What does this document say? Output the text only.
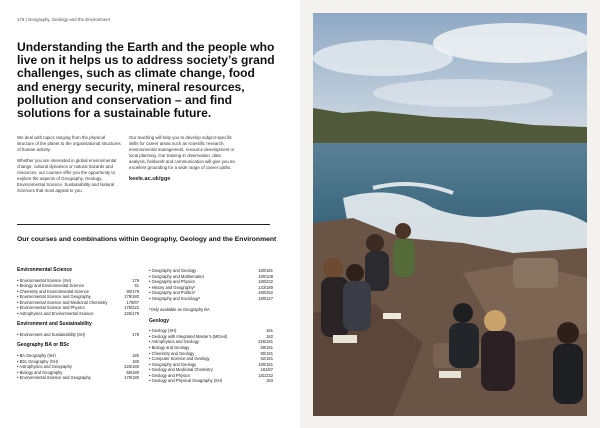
176 | Geography, Geology and the Environment
Understanding the Earth and the people who live on it helps us to address society’s grand challenges, such as climate change, food and energy security, mineral resources, pollution and conservation – and find solutions for a sustainable future.

We deal with topics ranging from the physical structure of the planet to the organisational structures of human activity.

Whether you are interested in global environmental change, cultural dynamics or natural hazards and resources, our courses offer you the opportunity to explore the aspects of Geography, Geology, Environmental Science, Sustainability and Natural Sciences that most appeal to you.

Our teaching will help you to develop subject-specific skills for career areas such as scientific research, environmental management, resource development or local planning. Our training in observation, data analysis, fieldwork and communication will give you an excellent grounding for a wide range of career paths.

keele.ac.uk/gge
Our courses and combinations within Geography, Geology and the Environment
Environmental Science
• Environmental Science (SH)	179
• Biology and Environmental Science	61
• Chemistry and Environmental Science	90/179
• Environmental Science and Geography	179/180
• Environmental Science and Medicinal Chemistry	179/87
• Environmental Science and Physics	179/222
• Astrophysics and Environmental Science	226/179
Environment and Sustainability
• Environment and Sustainability (SH)	178
Geography BA or BSc
• BA Geography (SH)	180
• BSc Geography (SH)	180
• Astrophysics and Geography	226/180
• Biology and Geography	59/180
• Environmental Science and Geography	179/180
• Geography and Geology	180/181
• Geography and Mathematics	180/108
• Geography and Physics	180/232
• History and Geography*	143/180
• Geography and Politics*	180/252
• Geography and Sociology*	180/127
*Only available as Geography BA
Geology
• Geology (SH)	181
• Geology with Integrated Master’s (MGeol)	182
• Astrophysics and Geology	226/181
• Biology and Geology	59/181
• Chemistry and Geology	90/181
• Computer Science and Geology	92/181
• Geography and Geology	180/181
• Geology and Medicinal Chemistry	181/87
• Geology and Physics	181/232
• Geology and Physical Geography (SH)	183
